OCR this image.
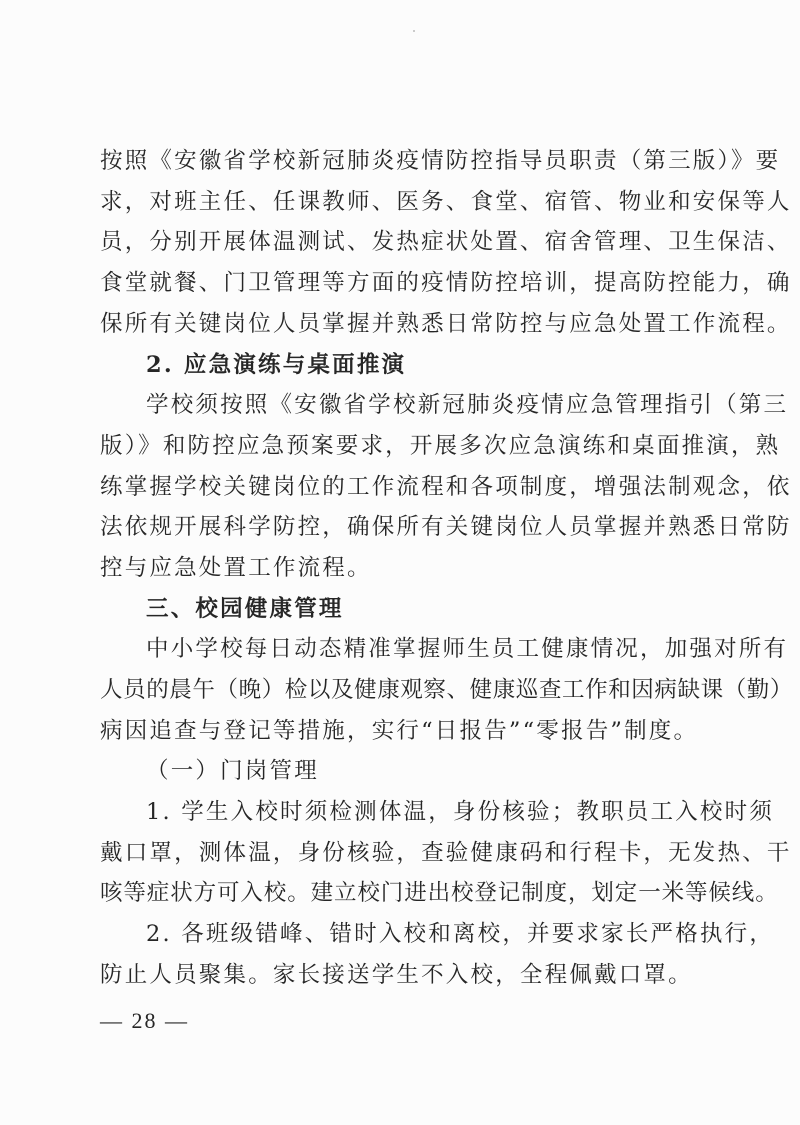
按照《安徽省学校新冠肺炎疫情防控指导员职责（第三版）》要
求，对班主任、任课教师、医务、食堂、宿管、物业和安保等人
员，分别开展体温测试、发热症状处置、宿舍管理、卫生保洁、
食堂就餐、门卫管理等方面的疫情防控培训，提高防控能力，确
保所有关键岗位人员掌握并熟悉日常防控与应急处置工作流程。
2. 应急演练与桌面推演
学校须按照《安徽省学校新冠肺炎疫情应急管理指引（第三
版）》和防控应急预案要求，开展多次应急演练和桌面推演，熟
练掌握学校关键岗位的工作流程和各项制度，增强法制观念，依
法依规开展科学防控，确保所有关键岗位人员掌握并熟悉日常防
控与应急处置工作流程。
三、校园健康管理
中小学校每日动态精准掌握师生员工健康情况，加强对所有
人员的晨午（晚）检以及健康观察、健康巡查工作和因病缺课（勤）
病因追查与登记等措施，实行“日报告”“零报告”制度。
（一）门岗管理
1. 学生入校时须检测体温，身份核验；教职员工入校时须
戴口罩，测体温，身份核验，查验健康码和行程卡，无发热、干
咳等症状方可入校。建立校门进出校登记制度，划定一米等候线。
2. 各班级错峰、错时入校和离校，并要求家长严格执行，
防止人员聚集。家长接送学生不入校，全程佩戴口罩。
— 28 —
